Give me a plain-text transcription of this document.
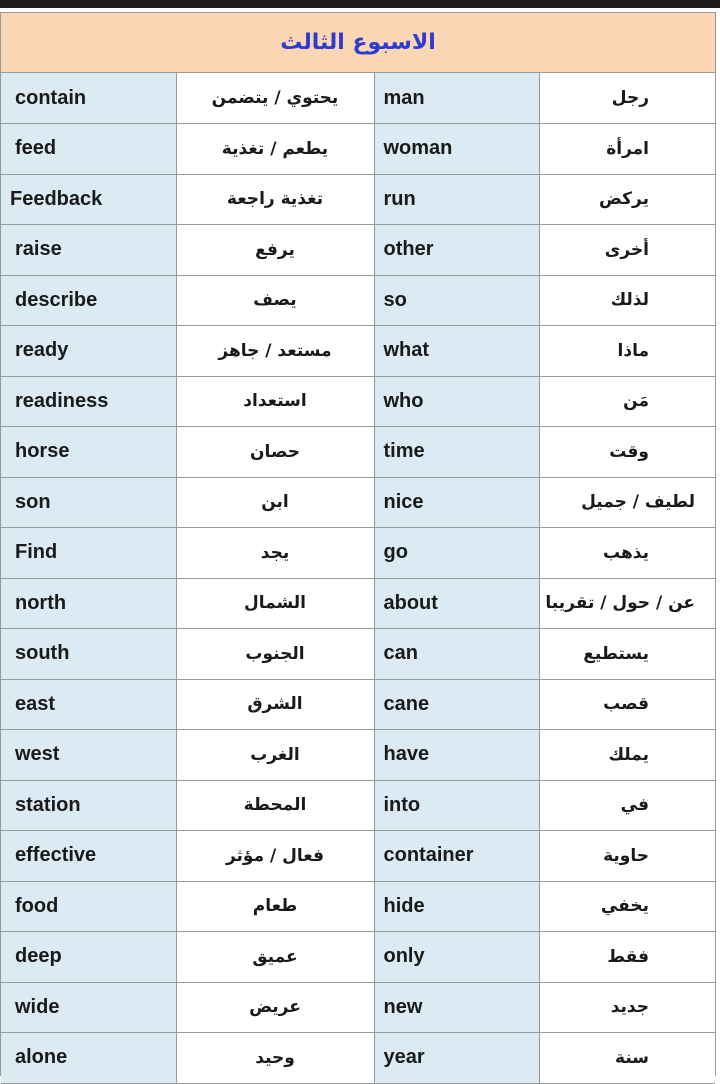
الاسبوع الثالث
contain	يحتوي / يتضمن	man	رجل
feed	يطعم / تغذية	woman	امرأة
Feedback	تغذية راجعة	run	يركض
raise	يرفع	other	أخرى
describe	يصف	so	لذلك
ready	مستعد / جاهز	what	ماذا
readiness	استعداد	who	مَن
horse	حصان	time	وقت
son	ابن	nice	لطيف / جميل
Find	يجد	go	يذهب
north	الشمال	about	عن / حول / تقريبا
south	الجنوب	can	يستطيع
east	الشرق	cane	قصب
west	الغرب	have	يملك
station	المحطة	into	في
effective	فعال / مؤثر	container	حاوية
food	طعام	hide	يخفي
deep	عميق	only	فقط
wide	عريض	new	جديد
alone	وحيد	year	سنة
